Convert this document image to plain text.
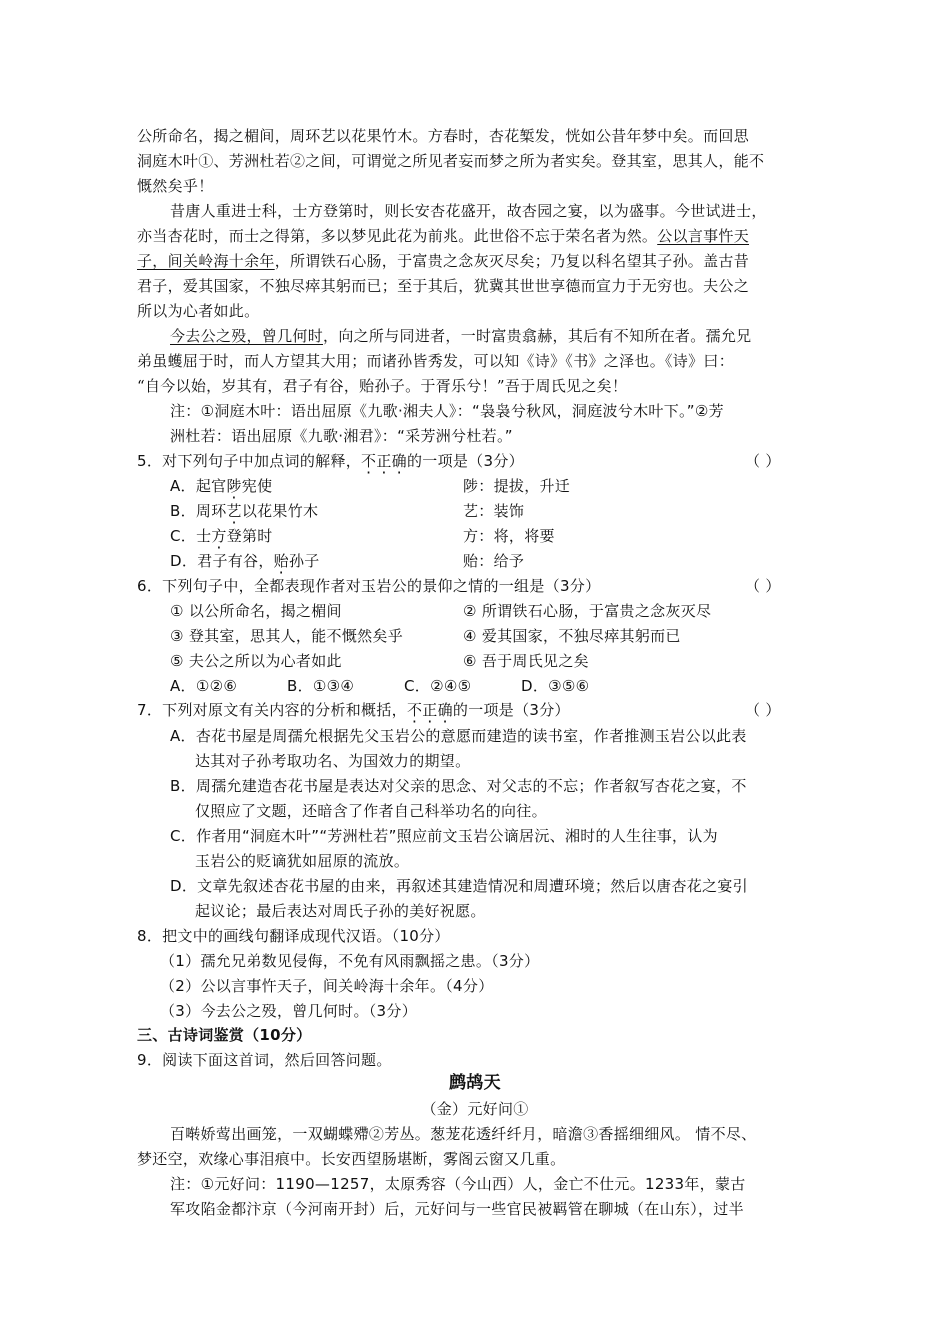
公所命名，揭之楣间，周环艺以花果竹木。方春时，杏花椠发，恍如公昔年梦中矣。而回思
洞庭木叶①、芳洲杜若②之间，可谓觉之所见者妄而梦之所为者实矣。登其室，思其人，能不
慨然矣乎！
昔唐人重进士科，士方登第时，则长安杏花盛开，故杏园之宴，以为盛事。今世试进士，
亦当杏花时，而士之得第，多以梦见此花为前兆。此世俗不忘于荣名者为然。公以言事忤天
子，间关岭海十余年，所谓铁石心肠，于富贵之念灰灭尽矣；乃复以科名望其子孙。盖古昔
君子，爱其国家，不独尽瘁其躬而已；至于其后，犹冀其世世享德而宣力于无穷也。夫公之
所以为心者如此。
今去公之殁，曾几何时，向之所与同进者，一时富贵翕赫，其后有不知所在者。孺允兄
弟虽蠖屈于时，而人方望其大用；而诸孙皆秀发，可以知《诗》《书》之泽也。《诗》曰：
“自今以始，岁其有，君子有谷，贻孙子。于胥乐兮！”吾于周氏见之矣！
注：①洞庭木叶：语出屈原《九歌·湘夫人》：“袅袅兮秋风，洞庭波兮木叶下。”②芳
洲杜若：语出屈原《九歌·湘君》：“采芳洲兮杜若。”
5．对下列句子中加点词的解释，不正确的一项是（3分）	（ ）
A．起官陟宪使	陟：提拔，升迁
B．周环艺以花果竹木	艺：装饰
C．士方登第时	方：将，将要
D．君子有谷，贻孙子	贻：给予
6．下列句子中，全都表现作者对玉岩公的景仰之情的一组是（3分）	（ ）
① 以公所命名，揭之楣间	② 所谓铁石心肠，于富贵之念灰灭尽
③ 登其室，思其人，能不慨然矣乎	④ 爱其国家，不独尽瘁其躬而已
⑤ 夫公之所以为心者如此	⑥ 吾于周氏见之矣
A．①②⑥	B．①③④	C．②④⑤	D．③⑤⑥
7．下列对原文有关内容的分析和概括，不正确的一项是（3分）	（ ）
A．杏花书屋是周孺允根据先父玉岩公的意愿而建造的读书室，作者推测玉岩公以此表
达其对子孙考取功名、为国效力的期望。
B．周孺允建造杏花书屋是表达对父亲的思念、对父志的不忘；作者叙写杏花之宴，不
仅照应了文题，还暗含了作者自己科举功名的向往。
C．作者用“洞庭木叶”“芳洲杜若”照应前文玉岩公谪居沅、湘时的人生往事，认为
玉岩公的贬谪犹如屈原的流放。
D．文章先叙述杏花书屋的由来，再叙述其建造情况和周遭环境；然后以唐杏花之宴引
起议论；最后表达对周氏子孙的美好祝愿。
8．把文中的画线句翻译成现代汉语。（10分）
（1）孺允兄弟数见侵侮，不免有风雨飘摇之患。（3分）
（2）公以言事忤天子，间关岭海十余年。（4分）
（3）今去公之殁，曾几何时。（3分）
三、古诗词鉴赏（10分）
9．阅读下面这首词，然后回答问题。
鹧鸪天
（金）元好问①
百啭娇莺出画笼，一双蝴蝶殢②芳丛。葱茏花透纤纤月，暗澹③香摇细细风。 情不尽、
梦还空，欢缘心事泪痕中。长安西望肠堪断，雾阁云窗又几重。
注：①元好问：1190—1257，太原秀容（今山西）人，金亡不仕元。1233年，蒙古
军攻陷金都汴京（今河南开封）后，元好问与一些官民被羁管在聊城（在山东），过半
